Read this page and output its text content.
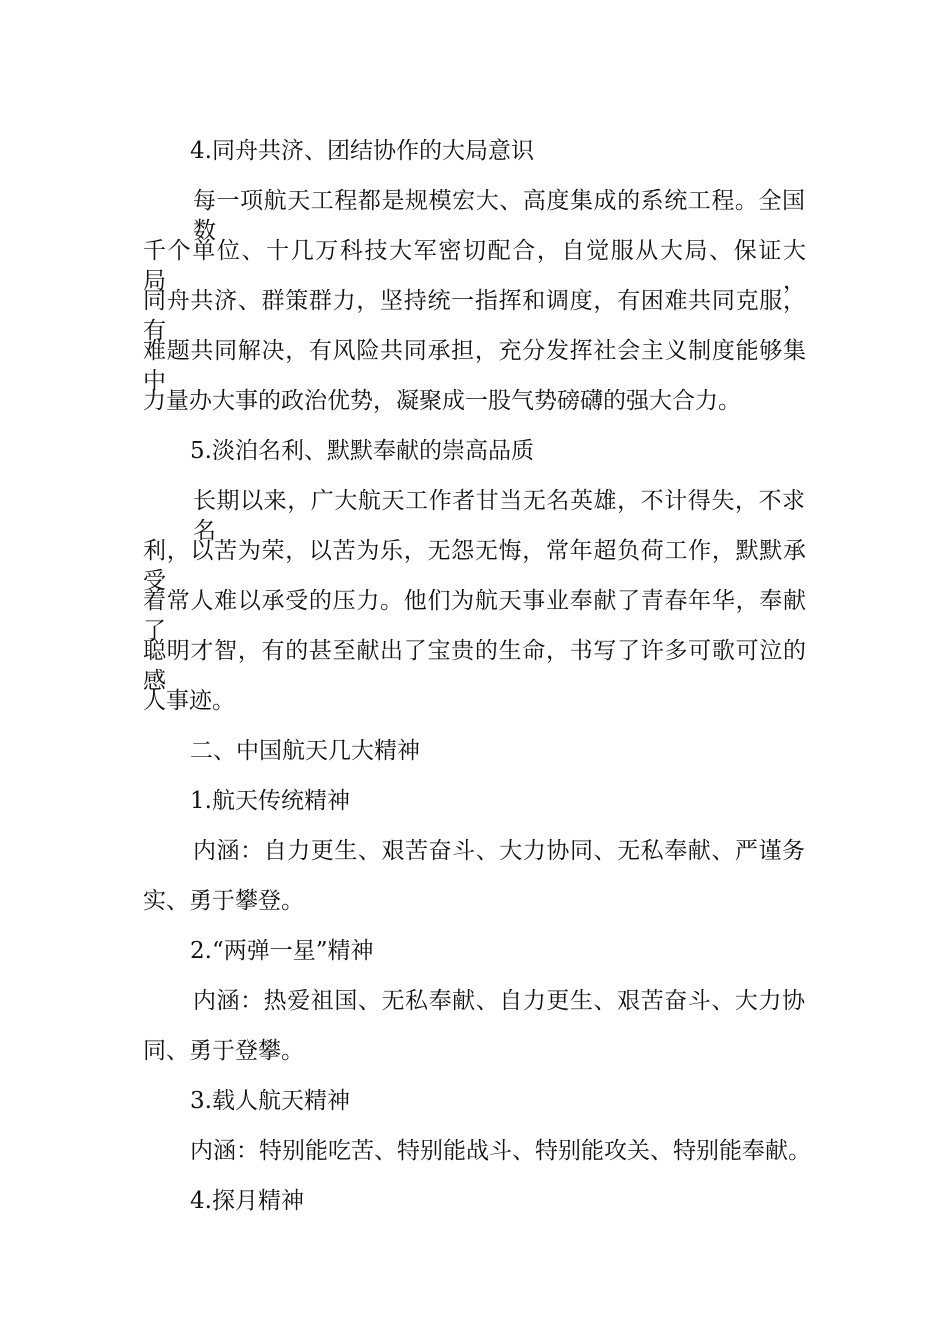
4.同舟共济、团结协作的大局意识
每一项航天工程都是规模宏大、高度集成的系统工程。全国数
千个单位、十几万科技大军密切配合，自觉服从大局、保证大局，
同舟共济、群策群力，坚持统一指挥和调度，有困难共同克服，有
难题共同解决，有风险共同承担，充分发挥社会主义制度能够集中
力量办大事的政治优势，凝聚成一股气势磅礴的强大合力。
5.淡泊名利、默默奉献的崇高品质
长期以来，广大航天工作者甘当无名英雄，不计得失，不求名
利，以苦为荣，以苦为乐，无怨无悔，常年超负荷工作，默默承受
着常人难以承受的压力。他们为航天事业奉献了青春年华，奉献了
聪明才智，有的甚至献出了宝贵的生命，书写了许多可歌可泣的感
人事迹。
二、中国航天几大精神
1.航天传统精神
内涵：自力更生、艰苦奋斗、大力协同、无私奉献、严谨务
实、勇于攀登。
2.“两弹一星”精神
内涵：热爱祖国、无私奉献、自力更生、艰苦奋斗、大力协
同、勇于登攀。
3.载人航天精神
内涵：特别能吃苦、特别能战斗、特别能攻关、特别能奉献。
4.探月精神
